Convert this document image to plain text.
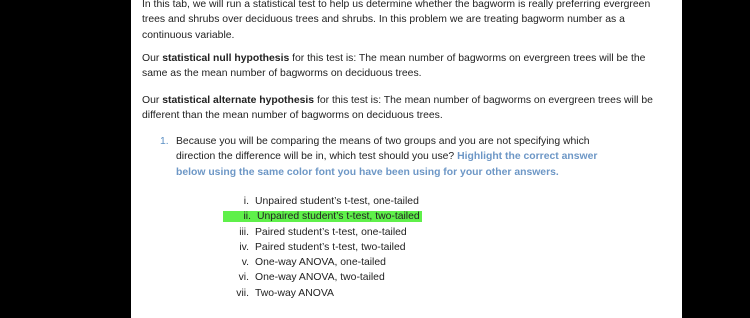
In this tab, we will run a statistical test to help us determine whether the bagworm is really preferring evergreen trees and shrubs over deciduous trees and shrubs. In this problem we are treating bagworm number as a continuous variable.

Our statistical null hypothesis for this test is: The mean number of bagworms on evergreen trees will be the same as the mean number of bagworms on deciduous trees.

Our statistical alternate hypothesis for this test is: The mean number of bagworms on evergreen trees will be different than the mean number of bagworms on deciduous trees.

1. Because you will be comparing the means of two groups and you are not specifying which direction the difference will be in, which test should you use? Highlight the correct answer below using the same color font you have been using for your other answers.

i. Unpaired student’s t-test, one-tailed
ii. Unpaired student’s t-test, two-tailed
iii. Paired student’s t-test, one-tailed
iv. Paired student’s t-test, two-tailed
v. One-way ANOVA, one-tailed
vi. One-way ANOVA, two-tailed
vii. Two-way ANOVA
